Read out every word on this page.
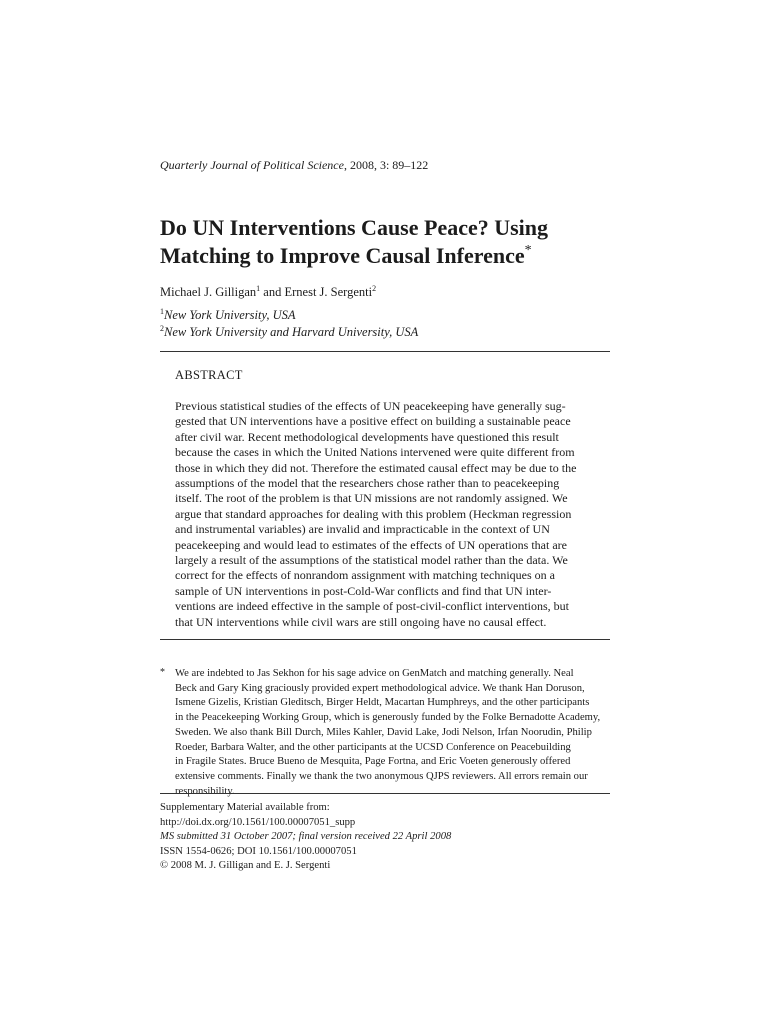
Quarterly Journal of Political Science, 2008, 3: 89–122
Do UN Interventions Cause Peace? Using
Matching to Improve Causal Inference*
Michael J. Gilligan$^1$ and Ernest J. Sergenti$^2$
$^1$New York University, USA
$^2$New York University and Harvard University, USA
ABSTRACT
Previous statistical studies of the effects of UN peacekeeping have generally sug-
gested that UN interventions have a positive effect on building a sustainable peace
after civil war. Recent methodological developments have questioned this result
because the cases in which the United Nations intervened were quite different from
those in which they did not. Therefore the estimated causal effect may be due to the
assumptions of the model that the researchers chose rather than to peacekeeping
itself. The root of the problem is that UN missions are not randomly assigned. We
argue that standard approaches for dealing with this problem (Heckman regression
and instrumental variables) are invalid and impracticable in the context of UN
peacekeeping and would lead to estimates of the effects of UN operations that are
largely a result of the assumptions of the statistical model rather than the data. We
correct for the effects of nonrandom assignment with matching techniques on a
sample of UN interventions in post-Cold-War conflicts and find that UN inter-
ventions are indeed effective in the sample of post-civil-conflict interventions, but
that UN interventions while civil wars are still ongoing have no causal effect.
* We are indebted to Jas Sekhon for his sage advice on GenMatch and matching generally. Neal
Beck and Gary King graciously provided expert methodological advice. We thank Han Doruson,
Ismene Gizelis, Kristian Gleditsch, Birger Heldt, Macartan Humphreys, and the other participants
in the Peacekeeping Working Group, which is generously funded by the Folke Bernadotte Academy,
Sweden. We also thank Bill Durch, Miles Kahler, David Lake, Jodi Nelson, Irfan Noorudin, Philip
Roeder, Barbara Walter, and the other participants at the UCSD Conference on Peacebuilding
in Fragile States. Bruce Bueno de Mesquita, Page Fortna, and Eric Voeten generously offered
extensive comments. Finally we thank the two anonymous QJPS reviewers. All errors remain our
responsibility.
Supplementary Material available from:
http://doi.dx.org/10.1561/100.00007051_supp
MS submitted 31 October 2007; final version received 22 April 2008
ISSN 1554-0626; DOI 10.1561/100.00007051
© 2008 M. J. Gilligan and E. J. Sergenti
